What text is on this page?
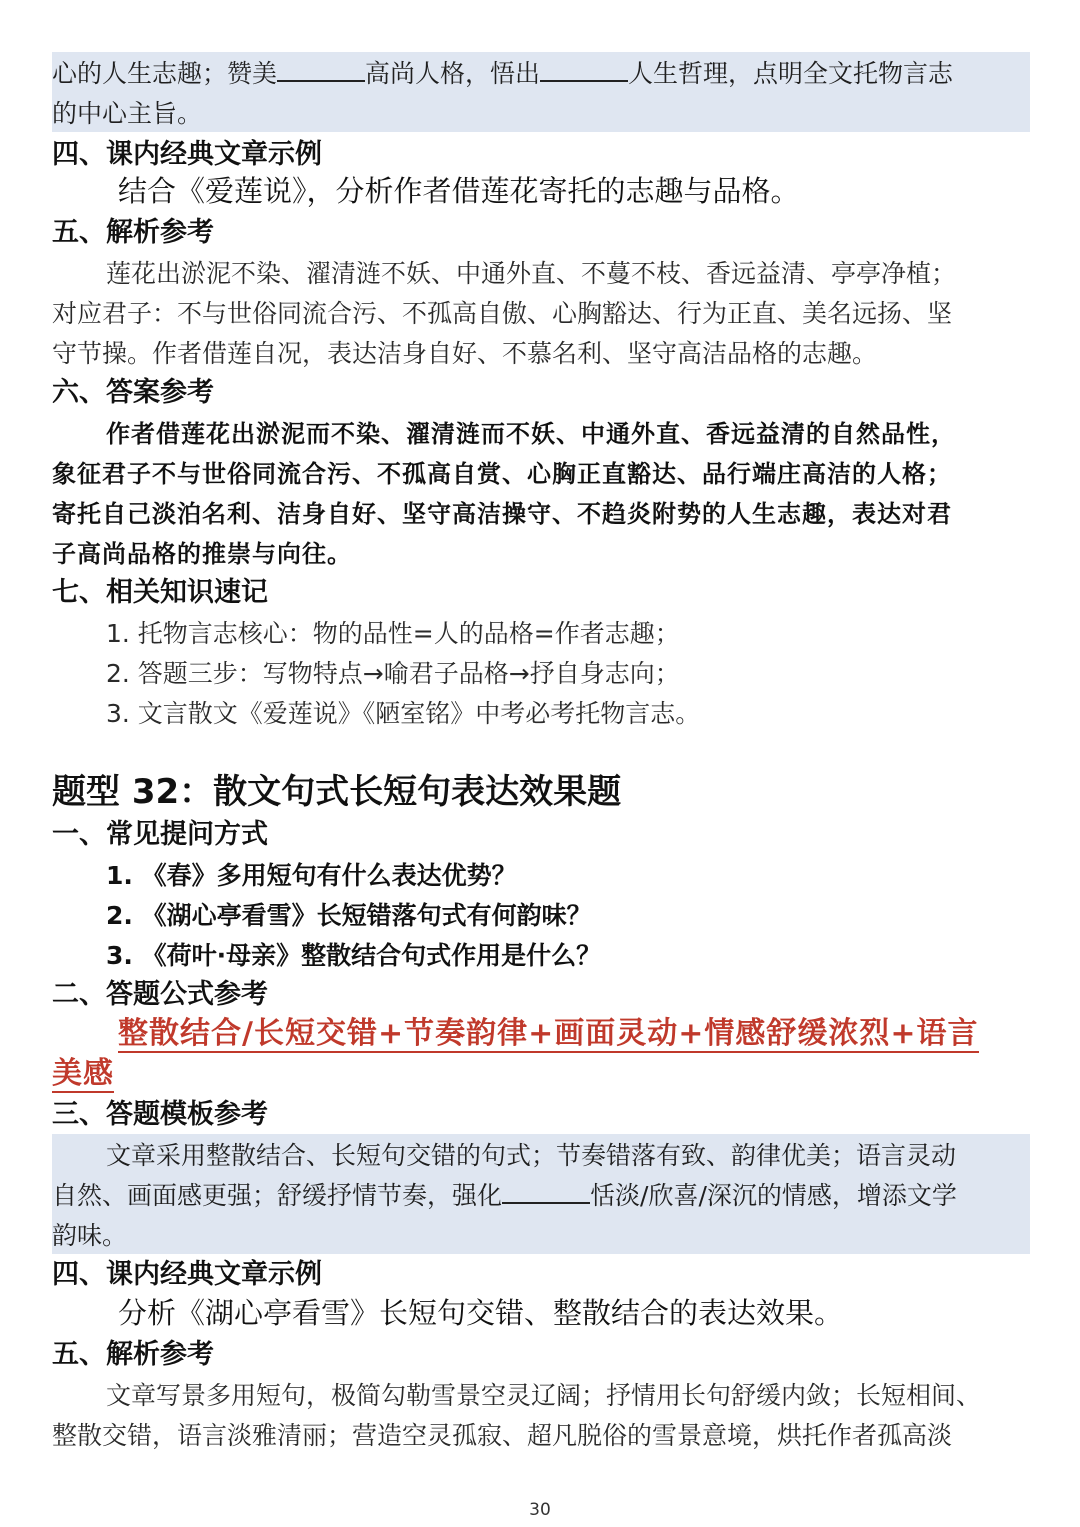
心的人生志趣；赞美	高尚人格，悟出	人生哲理，点明全文托物言志
的中心主旨。
四、课内经典文章示例
结合《爱莲说》，分析作者借莲花寄托的志趣与品格。
五、解析参考
莲花出淤泥不染、濯清涟不妖、中通外直、不蔓不枝、香远益清、亭亭净植；
对应君子：不与世俗同流合污、不孤高自傲、心胸豁达、行为正直、美名远扬、坚
守节操。作者借莲自况，表达洁身自好、不慕名利、坚守高洁品格的志趣。
六、答案参考
作者借莲花出淤泥而不染、濯清涟而不妖、中通外直、香远益清的自然品性，
象征君子不与世俗同流合污、不孤高自赏、心胸正直豁达、品行端庄高洁的人格；
寄托自己淡泊名利、洁身自好、坚守高洁操守、不趋炎附势的人生志趣，表达对君
子高尚品格的推崇与向往。
七、相关知识速记
1. 托物言志核心：物的品性=人的品格=作者志趣；
2. 答题三步：写物特点→喻君子品格→抒自身志向；
3. 文言散文《爱莲说》《陋室铭》中考必考托物言志。
题型 32：散文句式长短句表达效果题
一、常见提问方式
1. 《春》多用短句有什么表达优势？
2. 《湖心亭看雪》长短错落句式有何韵味？
3. 《荷叶·母亲》整散结合句式作用是什么？
二、答题公式参考
整散结合/长短交错+节奏韵律+画面灵动+情感舒缓浓烈+语言
美感
三、答题模板参考
文章采用整散结合、长短句交错的句式；节奏错落有致、韵律优美；语言灵动
自然、画面感更强；舒缓抒情节奏，强化	恬淡/欣喜/深沉的情感，增添文学
韵味。
四、课内经典文章示例
分析《湖心亭看雪》长短句交错、整散结合的表达效果。
五、解析参考
文章写景多用短句，极简勾勒雪景空灵辽阔；抒情用长句舒缓内敛；长短相间、
整散交错，语言淡雅清丽；营造空灵孤寂、超凡脱俗的雪景意境，烘托作者孤高淡
30
